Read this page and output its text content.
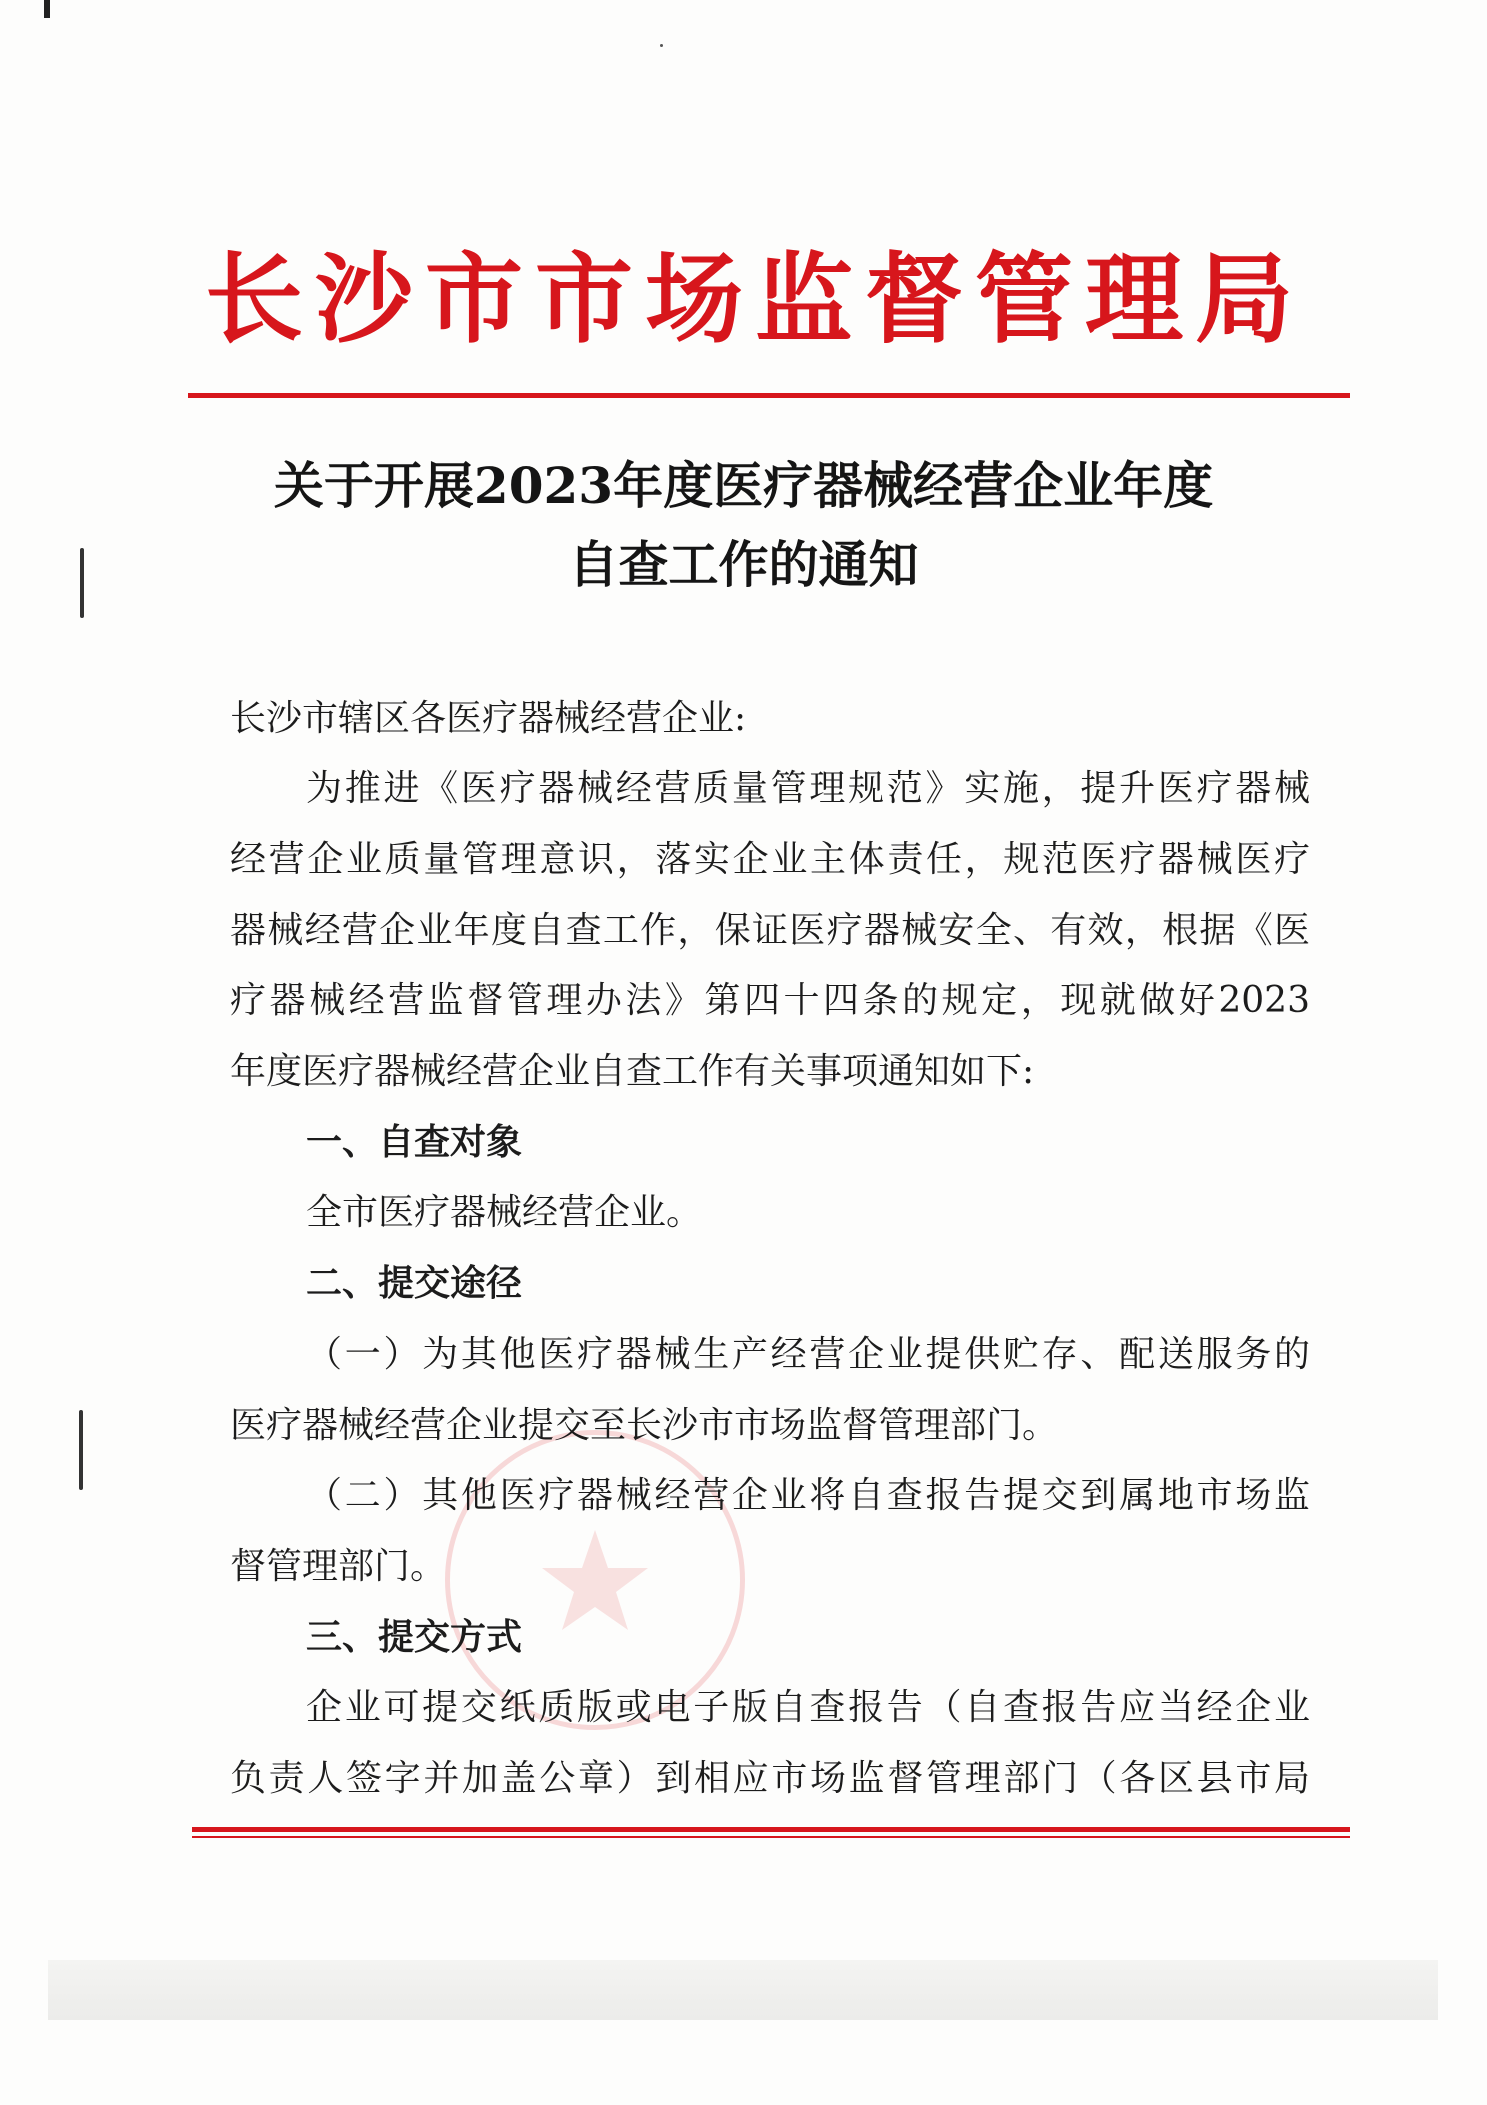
长沙市市场监督管理局
关于开展2023年度医疗器械经营企业年度
自查工作的通知
长沙市辖区各医疗器械经营企业:
为推进《医疗器械经营质量管理规范》实施，提升医疗器械
经营企业质量管理意识，落实企业主体责任，规范医疗器械医疗
器械经营企业年度自查工作，保证医疗器械安全、有效，根据《医
疗器械经营监督管理办法》第四十四条的规定，现就做好2023
年度医疗器械经营企业自查工作有关事项通知如下:
一、自查对象
全市医疗器械经营企业。
二、提交途径
（一）为其他医疗器械生产经营企业提供贮存、配送服务的
医疗器械经营企业提交至长沙市市场监督管理部门。
（二）其他医疗器械经营企业将自查报告提交到属地市场监
督管理部门。
三、提交方式
企业可提交纸质版或电子版自查报告（自查报告应当经企业
负责人签字并加盖公章）到相应市场监督管理部门（各区县市局
